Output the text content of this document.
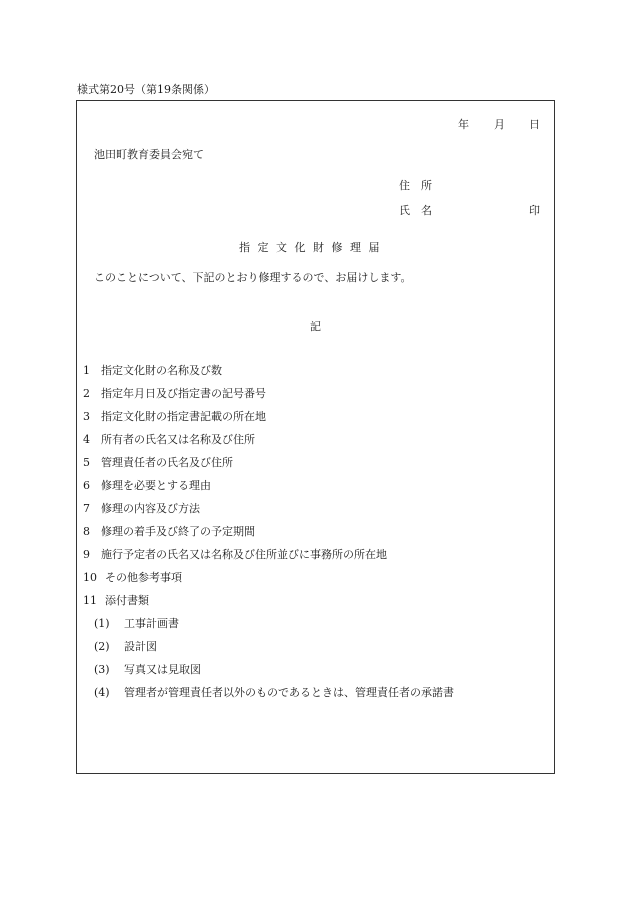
様式第20号（第19条関係）
年 月 日
池田町教育委員会宛て
住　所
氏　名	印
指 定 文 化 財 修 理 届
このことについて、下記のとおり修理するので、お届けします。
記
1 指定文化財の名称及び数
2 指定年月日及び指定書の記号番号
3 指定文化財の指定書記載の所在地
4 所有者の氏名又は名称及び住所
5 管理責任者の氏名及び住所
6 修理を必要とする理由
7 修理の内容及び方法
8 修理の着手及び終了の予定期間
9 施行予定者の氏名又は名称及び住所並びに事務所の所在地
10 その他参考事項
11 添付書類
(1) 工事計画書
(2) 設計図
(3) 写真又は見取図
(4) 管理者が管理責任者以外のものであるときは、管理責任者の承諾書
